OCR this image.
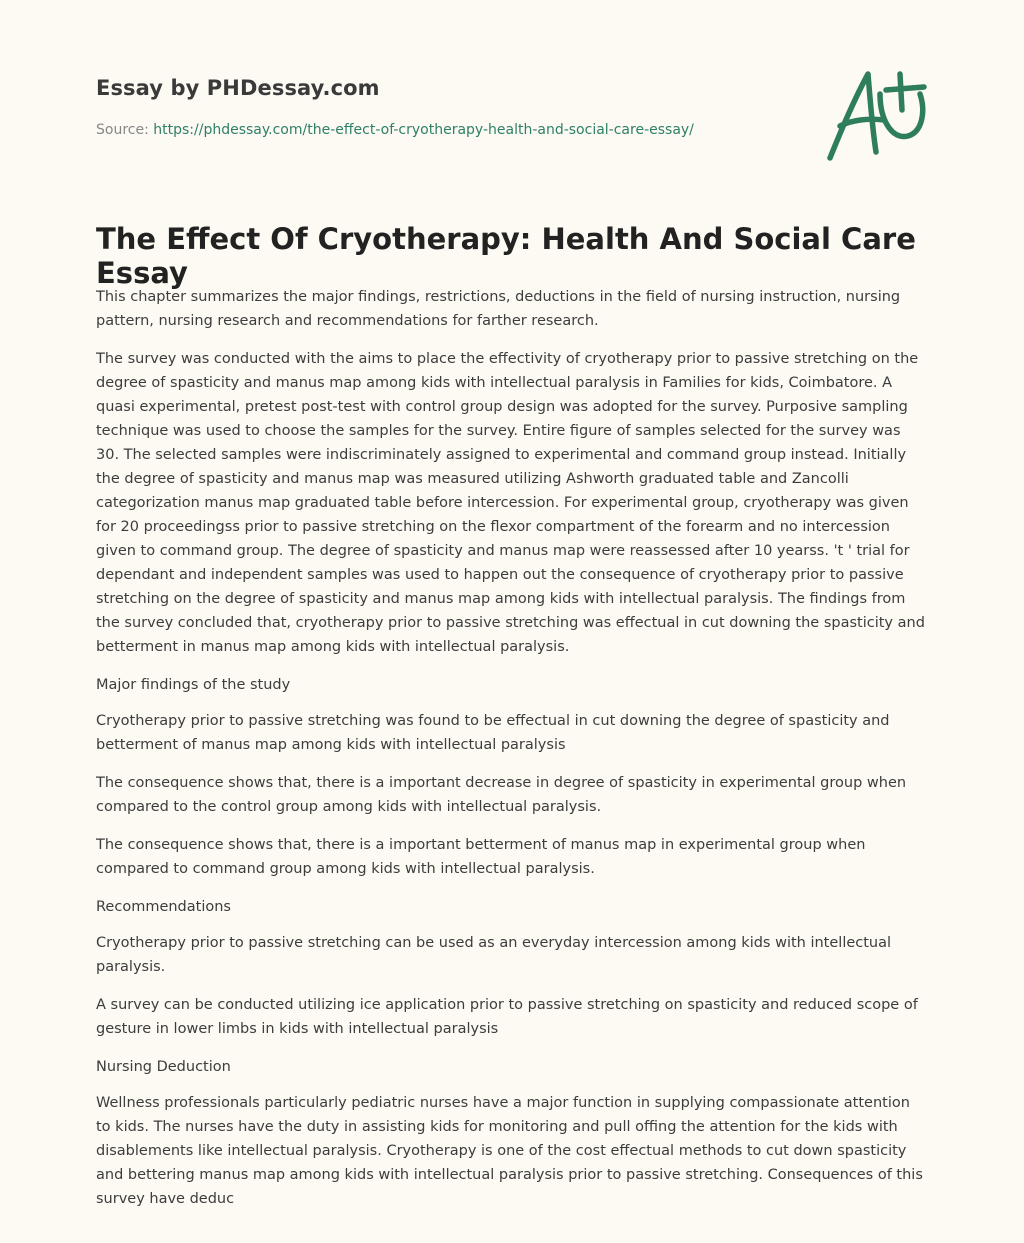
Essay by PHDessay.com
Source: https://phdessay.com/the-effect-of-cryotherapy-health-and-social-care-essay/
The Effect Of Cryotherapy: Health And Social Care Essay

This chapter summarizes the major findings, restrictions, deductions in the field of nursing instruction, nursing pattern, nursing research and recommendations for farther research.

The survey was conducted with the aims to place the effectivity of cryotherapy prior to passive stretching on the degree of spasticity and manus map among kids with intellectual paralysis in Families for kids, Coimbatore. A quasi experimental, pretest post-test with control group design was adopted for the survey. Purposive sampling technique was used to choose the samples for the survey. Entire figure of samples selected for the survey was 30. The selected samples were indiscriminately assigned to experimental and command group instead. Initially the degree of spasticity and manus map was measured utilizing Ashworth graduated table and Zancolli categorization manus map graduated table before intercession. For experimental group, cryotherapy was given for 20 proceedingss prior to passive stretching on the flexor compartment of the forearm and no intercession given to command group. The degree of spasticity and manus map were reassessed after 10 yearss. 't ' trial for dependant and independent samples was used to happen out the consequence of cryotherapy prior to passive stretching on the degree of spasticity and manus map among kids with intellectual paralysis. The findings from the survey concluded that, cryotherapy prior to passive stretching was effectual in cut downing the spasticity and betterment in manus map among kids with intellectual paralysis.

Major findings of the study

Cryotherapy prior to passive stretching was found to be effectual in cut downing the degree of spasticity and betterment of manus map among kids with intellectual paralysis

The consequence shows that, there is a important decrease in degree of spasticity in experimental group when compared to the control group among kids with intellectual paralysis.

The consequence shows that, there is a important betterment of manus map in experimental group when compared to command group among kids with intellectual paralysis.

Recommendations

Cryotherapy prior to passive stretching can be used as an everyday intercession among kids with intellectual paralysis.

A survey can be conducted utilizing ice application prior to passive stretching on spasticity and reduced scope of gesture in lower limbs in kids with intellectual paralysis

Nursing Deduction

Wellness professionals particularly pediatric nurses have a major function in supplying compassionate attention to kids. The nurses have the duty in assisting kids for monitoring and pull offing the attention for the kids with disablements like intellectual paralysis. Cryotherapy is one of the cost effectual methods to cut down spasticity and bettering manus map among kids with intellectual paralysis prior to passive stretching. Consequences of this survey have deduc
